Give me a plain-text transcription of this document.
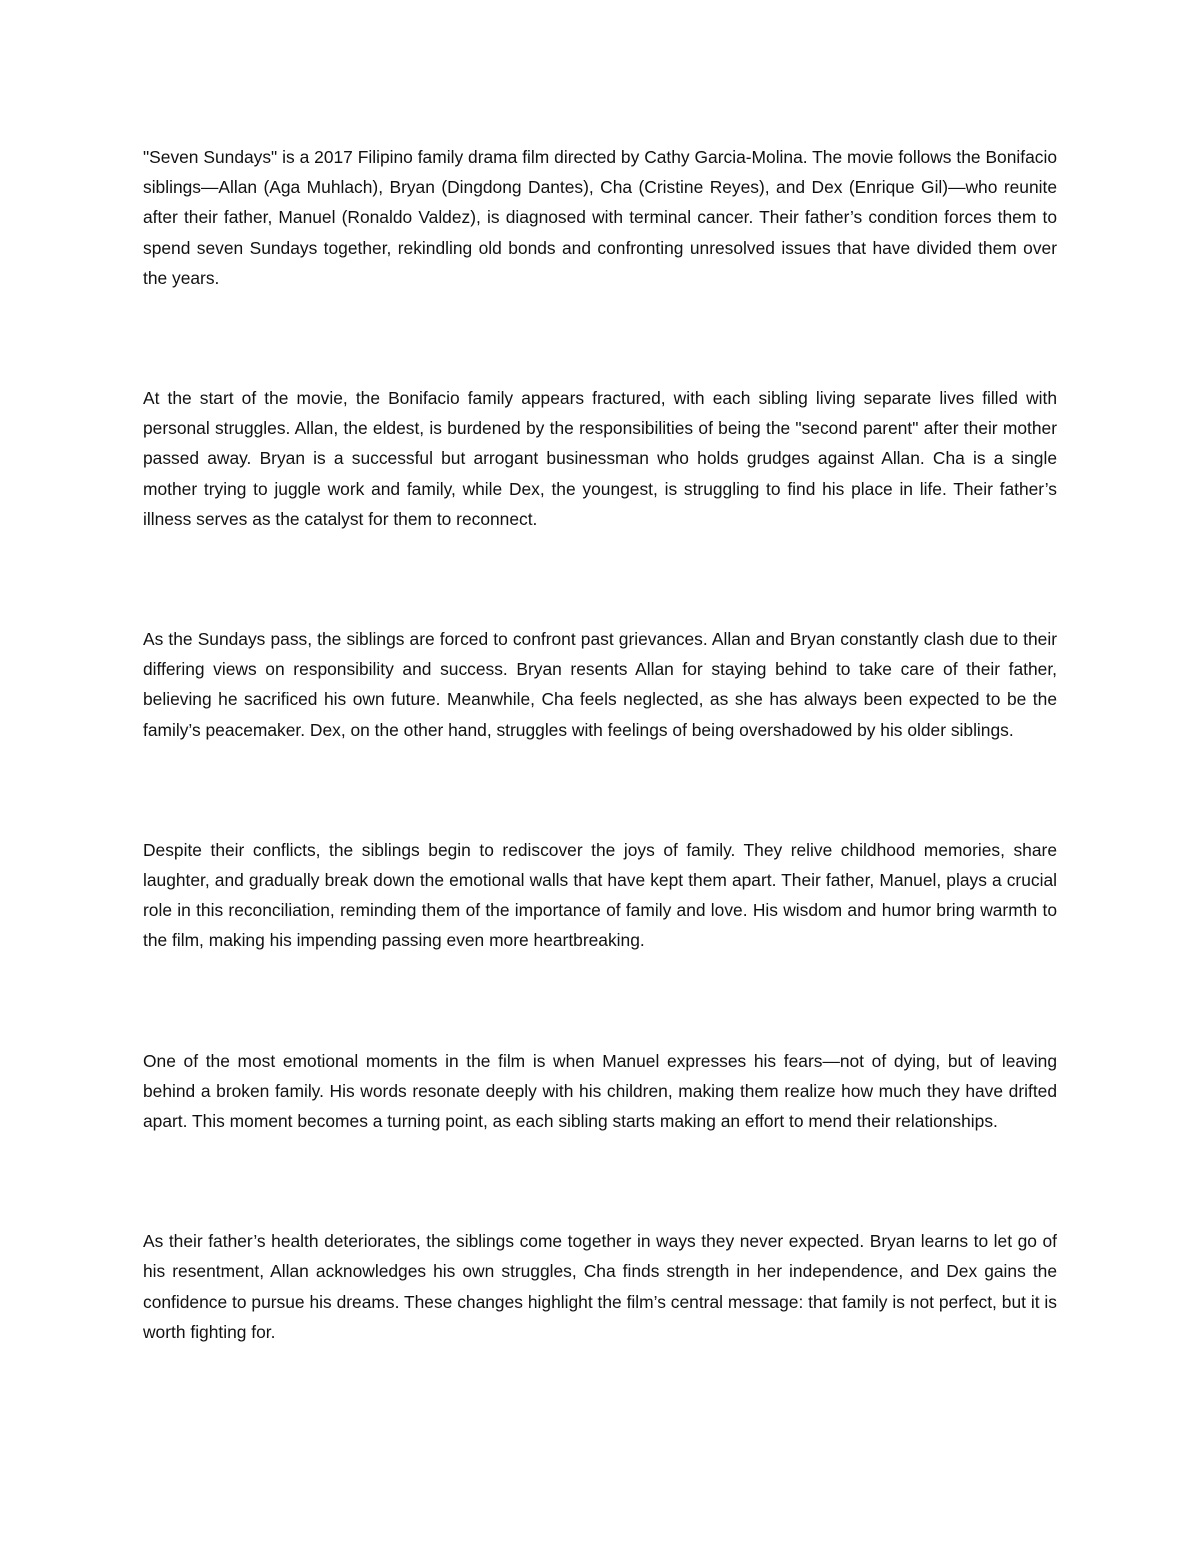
"Seven Sundays" is a 2017 Filipino family drama film directed by Cathy Garcia-Molina. The movie follows the Bonifacio siblings—Allan (Aga Muhlach), Bryan (Dingdong Dantes), Cha (Cristine Reyes), and Dex (Enrique Gil)—who reunite after their father, Manuel (Ronaldo Valdez), is diagnosed with terminal cancer. Their father’s condition forces them to spend seven Sundays together, rekindling old bonds and confronting unresolved issues that have divided them over the years.

At the start of the movie, the Bonifacio family appears fractured, with each sibling living separate lives filled with personal struggles. Allan, the eldest, is burdened by the responsibilities of being the "second parent" after their mother passed away. Bryan is a successful but arrogant businessman who holds grudges against Allan. Cha is a single mother trying to juggle work and family, while Dex, the youngest, is struggling to find his place in life. Their father’s illness serves as the catalyst for them to reconnect.

As the Sundays pass, the siblings are forced to confront past grievances. Allan and Bryan constantly clash due to their differing views on responsibility and success. Bryan resents Allan for staying behind to take care of their father, believing he sacrificed his own future. Meanwhile, Cha feels neglected, as she has always been expected to be the family’s peacemaker. Dex, on the other hand, struggles with feelings of being overshadowed by his older siblings.

Despite their conflicts, the siblings begin to rediscover the joys of family. They relive childhood memories, share laughter, and gradually break down the emotional walls that have kept them apart. Their father, Manuel, plays a crucial role in this reconciliation, reminding them of the importance of family and love. His wisdom and humor bring warmth to the film, making his impending passing even more heartbreaking.

One of the most emotional moments in the film is when Manuel expresses his fears—not of dying, but of leaving behind a broken family. His words resonate deeply with his children, making them realize how much they have drifted apart. This moment becomes a turning point, as each sibling starts making an effort to mend their relationships.

As their father’s health deteriorates, the siblings come together in ways they never expected. Bryan learns to let go of his resentment, Allan acknowledges his own struggles, Cha finds strength in her independence, and Dex gains the confidence to pursue his dreams. These changes highlight the film’s central message: that family is not perfect, but it is worth fighting for.
